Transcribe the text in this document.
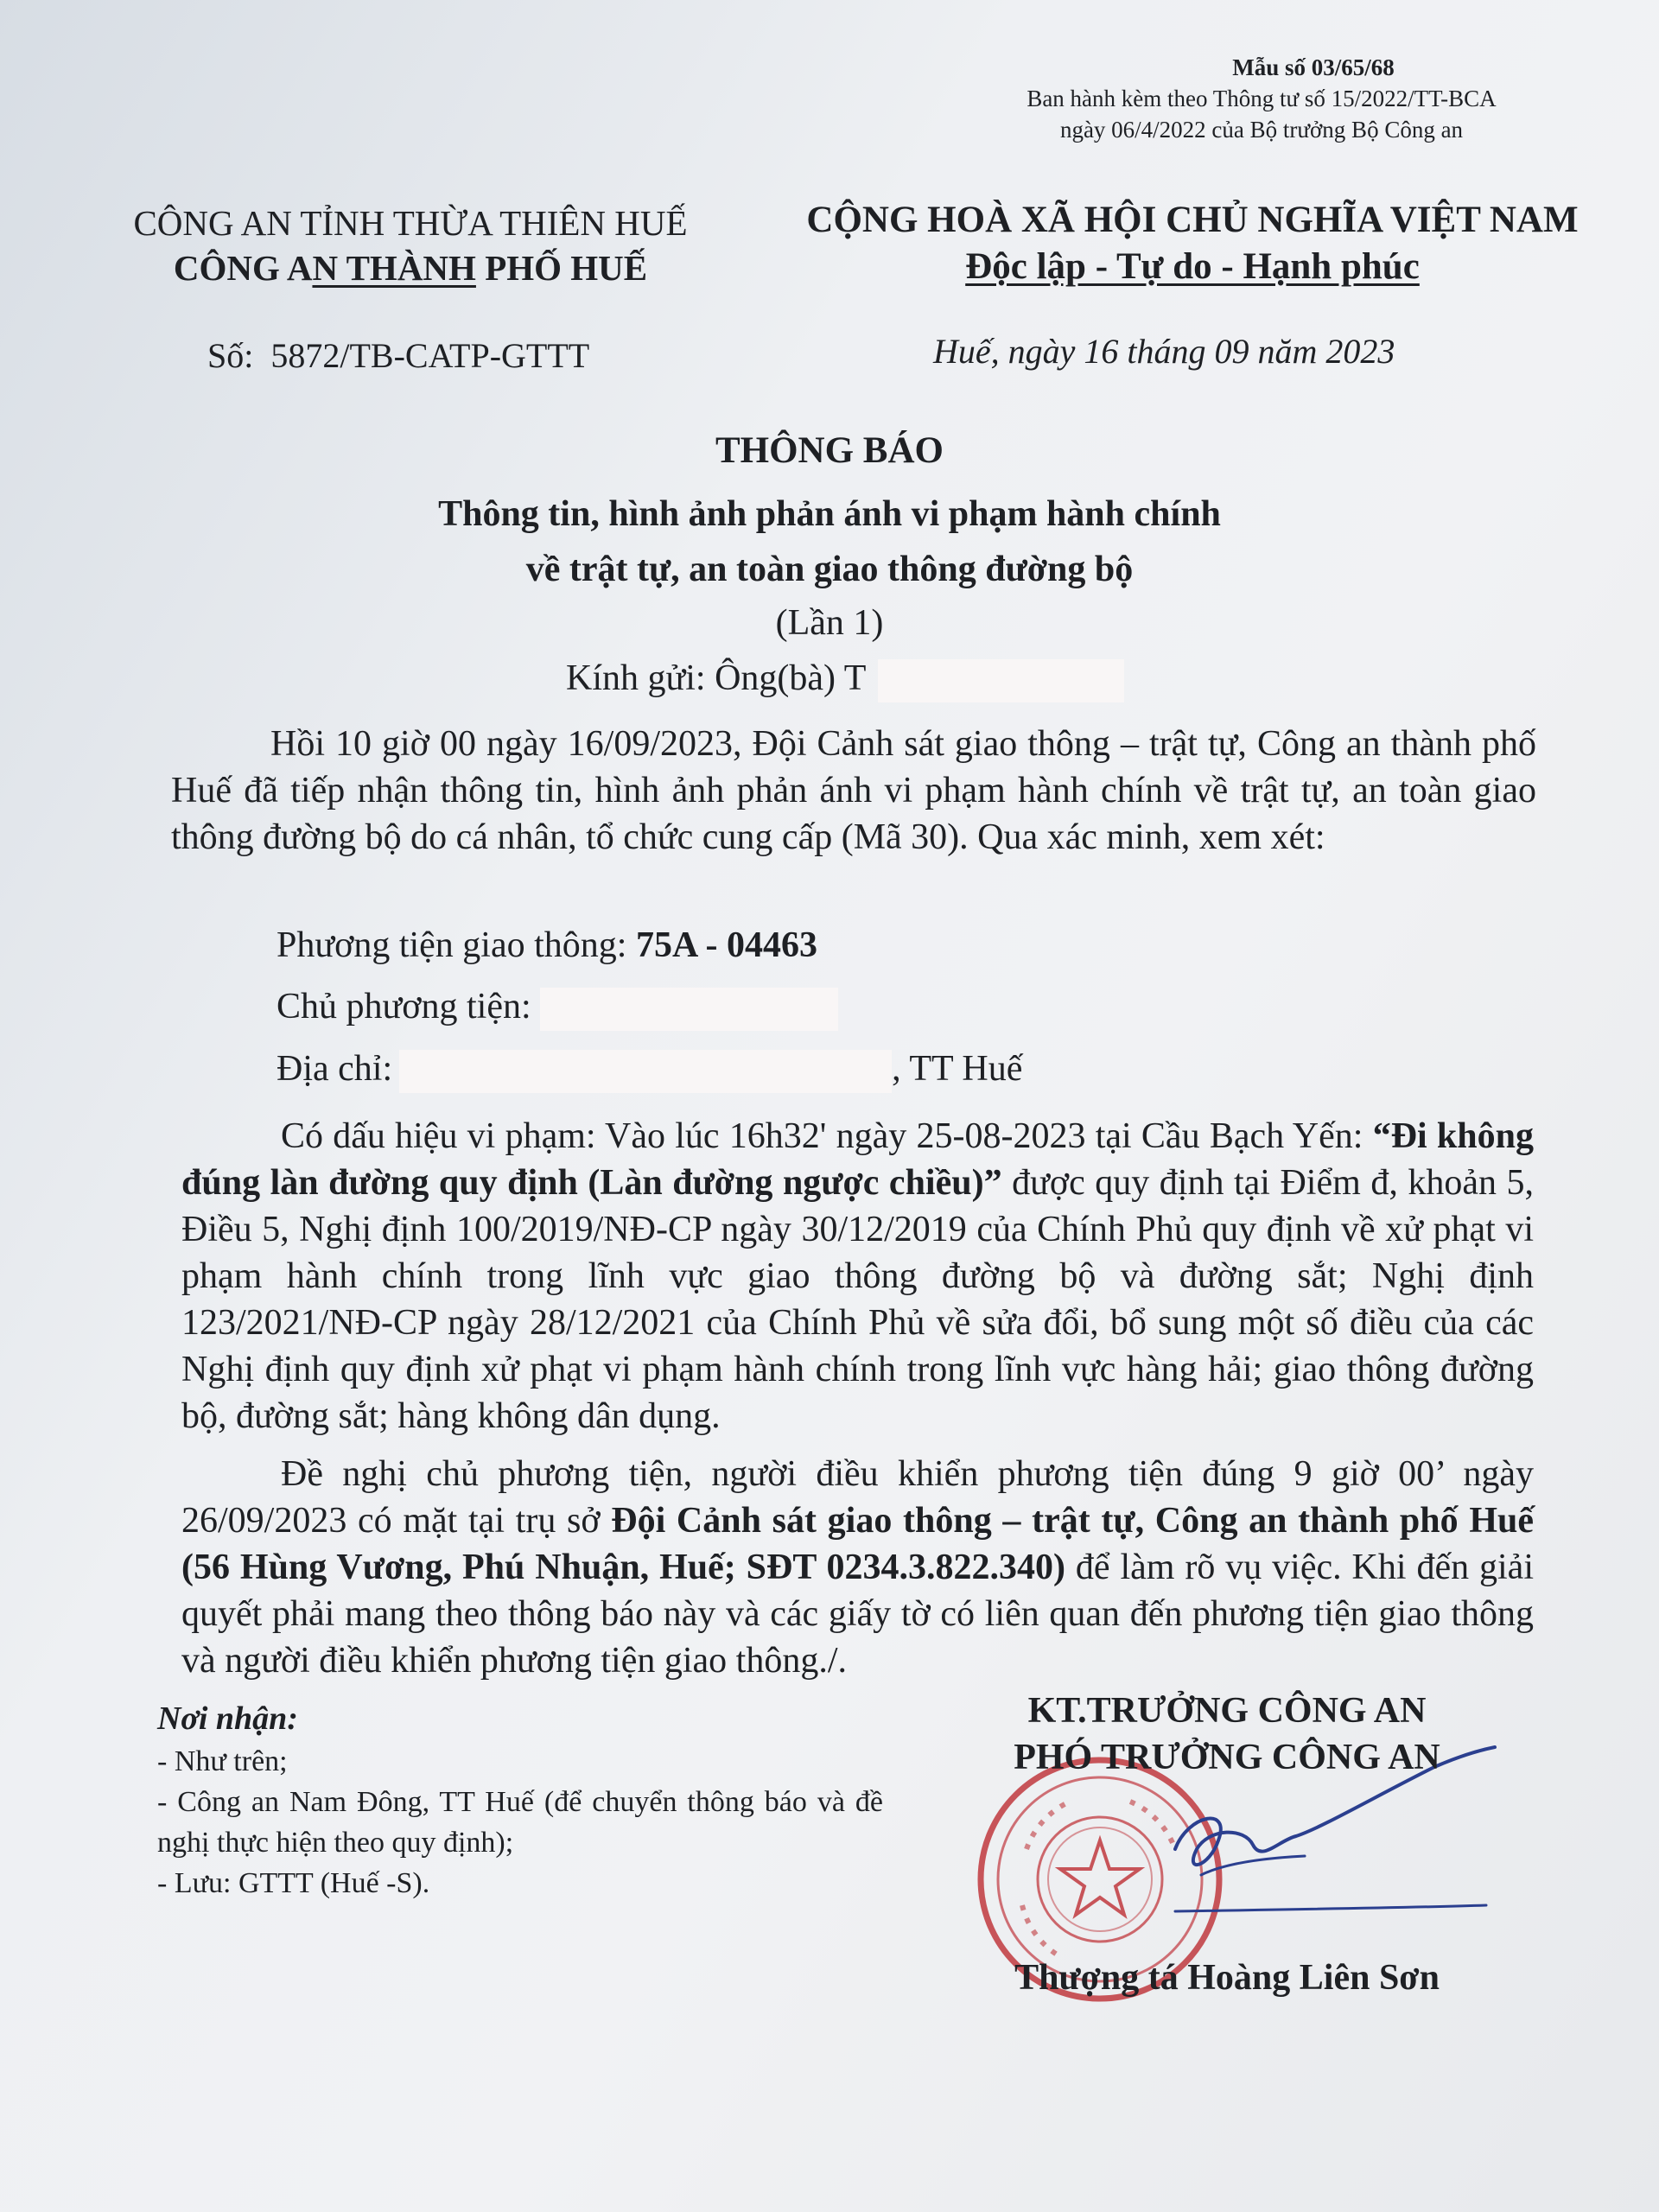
Mẫu số 03/65/68
Ban hành kèm theo Thông tư số 15/2022/TT-BCA
ngày 06/4/2022 của Bộ trưởng Bộ Công an
CÔNG AN TỈNH THỪA THIÊN HUẾ
CÔNG AN THÀNH PHỐ HUẾ
CỘNG HOÀ XÃ HỘI CHỦ NGHĨA VIỆT NAM
Độc lập - Tự do - Hạnh phúc
Số: 5872/TB-CATP-GTTT	Huế, ngày 16 tháng 09 năm 2023
THÔNG BÁO
Thông tin, hình ảnh phản ánh vi phạm hành chính
về trật tự, an toàn giao thông đường bộ
(Lần 1)
Kính gửi: Ông(bà) T
Hồi 10 giờ 00 ngày 16/09/2023, Đội Cảnh sát giao thông – trật tự, Công an thành phố Huế đã tiếp nhận thông tin, hình ảnh phản ánh vi phạm hành chính về trật tự, an toàn giao thông đường bộ do cá nhân, tổ chức cung cấp (Mã 30). Qua xác minh, xem xét:
Phương tiện giao thông: 75A - 04463
Chủ phương tiện:
Địa chỉ:	, TT Huế
Có dấu hiệu vi phạm: Vào lúc 16h32' ngày 25-08-2023 tại Cầu Bạch Yến: “Đi không đúng làn đường quy định (Làn đường ngược chiều)” được quy định tại Điểm đ, khoản 5, Điều 5, Nghị định 100/2019/NĐ-CP ngày 30/12/2019 của Chính Phủ quy định về xử phạt vi phạm hành chính trong lĩnh vực giao thông đường bộ và đường sắt; Nghị định 123/2021/NĐ-CP ngày 28/12/2021 của Chính Phủ về sửa đổi, bổ sung một số điều của các Nghị định quy định xử phạt vi phạm hành chính trong lĩnh vực hàng hải; giao thông đường bộ, đường sắt; hàng không dân dụng.
Đề nghị chủ phương tiện, người điều khiển phương tiện đúng 9 giờ 00’ ngày 26/09/2023 có mặt tại trụ sở Đội Cảnh sát giao thông – trật tự, Công an thành phố Huế (56 Hùng Vương, Phú Nhuận, Huế; SĐT 0234.3.822.340) để làm rõ vụ việc. Khi đến giải quyết phải mang theo thông báo này và các giấy tờ có liên quan đến phương tiện giao thông và người điều khiển phương tiện giao thông./.
Nơi nhận:
- Như trên;
- Công an Nam Đông, TT Huế (để chuyển thông báo và đề nghị thực hiện theo quy định);
- Lưu: GTTT (Huế -S).
KT.TRƯỞNG CÔNG AN
PHÓ TRƯỞNG CÔNG AN
Thượng tá Hoàng Liên Sơn
